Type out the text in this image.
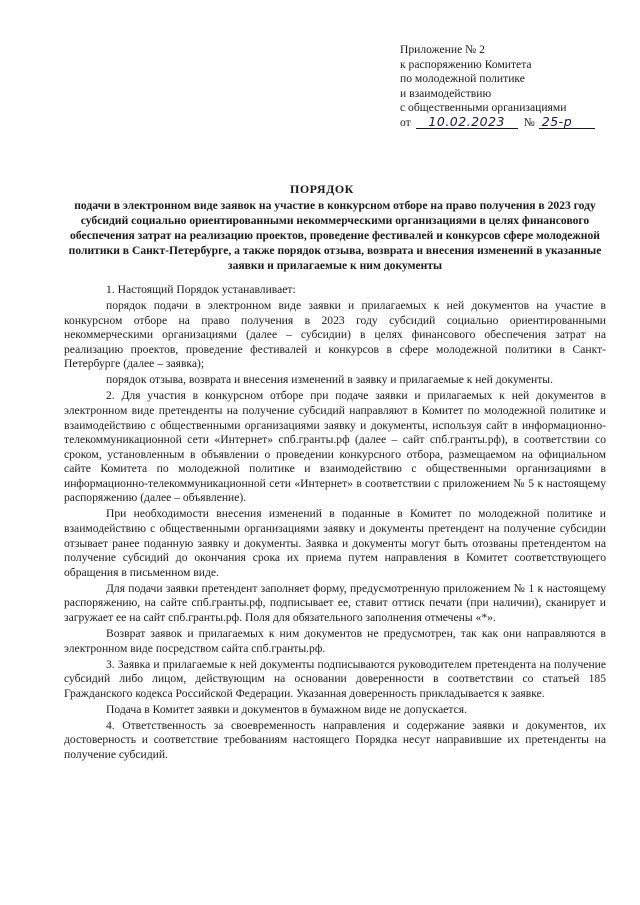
Приложение № 2
к распоряжению Комитета
по молодежной политике
и взаимодействию
с общественными организациями
от	10.02.2023	№ 25-р
ПОРЯДОК
подачи в электронном виде заявок на участие в конкурсном отборе на право получения в 2023 году субсидий социально ориентированными некоммерческими организациями в целях финансового обеспечения затрат на реализацию проектов, проведение фестивалей и конкурсов сфере молодежной политики в Санкт-Петербурге, а также порядок отзыва, возврата и внесения изменений в указанные заявки и прилагаемые к ним документы

1. Настоящий Порядок устанавливает:

порядок подачи в электронном виде заявки и прилагаемых к ней документов на участие в конкурсном отборе на право получения в 2023 году субсидий социально ориентированными некоммерческими организациями (далее – субсидии) в целях финансового обеспечения затрат на реализацию проектов, проведение фестивалей и конкурсов в сфере молодежной политики в Санкт-Петербурге (далее – заявка);

порядок отзыва, возврата и внесения изменений в заявку и прилагаемые к ней документы.

2. Для участия в конкурсном отборе при подаче заявки и прилагаемых к ней документов в электронном виде претенденты на получение субсидий направляют в Комитет по молодежной политике и взаимодействию с общественными организациями заявку и документы, используя сайт в информационно-телекоммуникационной сети «Интернет» спб.гранты.рф (далее – сайт спб.гранты.рф), в соответствии со сроком, установленным в объявлении о проведении конкурсного отбора, размещаемом на официальном сайте Комитета по молодежной политике и взаимодействию с общественными организациями в информационно-телекоммуникационной сети «Интернет» в соответствии с приложением № 5 к настоящему распоряжению (далее – объявление).

При необходимости внесения изменений в поданные в Комитет по молодежной политике и взаимодействию с общественными организациями заявку и документы претендент на получение субсидии отзывает ранее поданную заявку и документы. Заявка и документы могут быть отозваны претендентом на получение субсидий до окончания срока их приема путем направления в Комитет соответствующего обращения в письменном виде.

Для подачи заявки претендент заполняет форму, предусмотренную приложением № 1 к настоящему распоряжению, на сайте спб.гранты.рф, подписывает ее, ставит оттиск печати (при наличии), сканирует и загружает ее на сайт спб.гранты.рф. Поля для обязательного заполнения отмечены «*».

Возврат заявок и прилагаемых к ним документов не предусмотрен, так как они направляются в электронном виде посредством сайта спб.гранты.рф.

3. Заявка и прилагаемые к ней документы подписываются руководителем претендента на получение субсидий либо лицом, действующим на основании доверенности в соответствии со статьей 185 Гражданского кодекса Российской Федерации. Указанная доверенность прикладывается к заявке.

Подача в Комитет заявки и документов в бумажном виде не допускается.

4. Ответственность за своевременность направления и содержание заявки и документов, их достоверность и соответствие требованиям настоящего Порядка несут направившие их претенденты на получение субсидий.
